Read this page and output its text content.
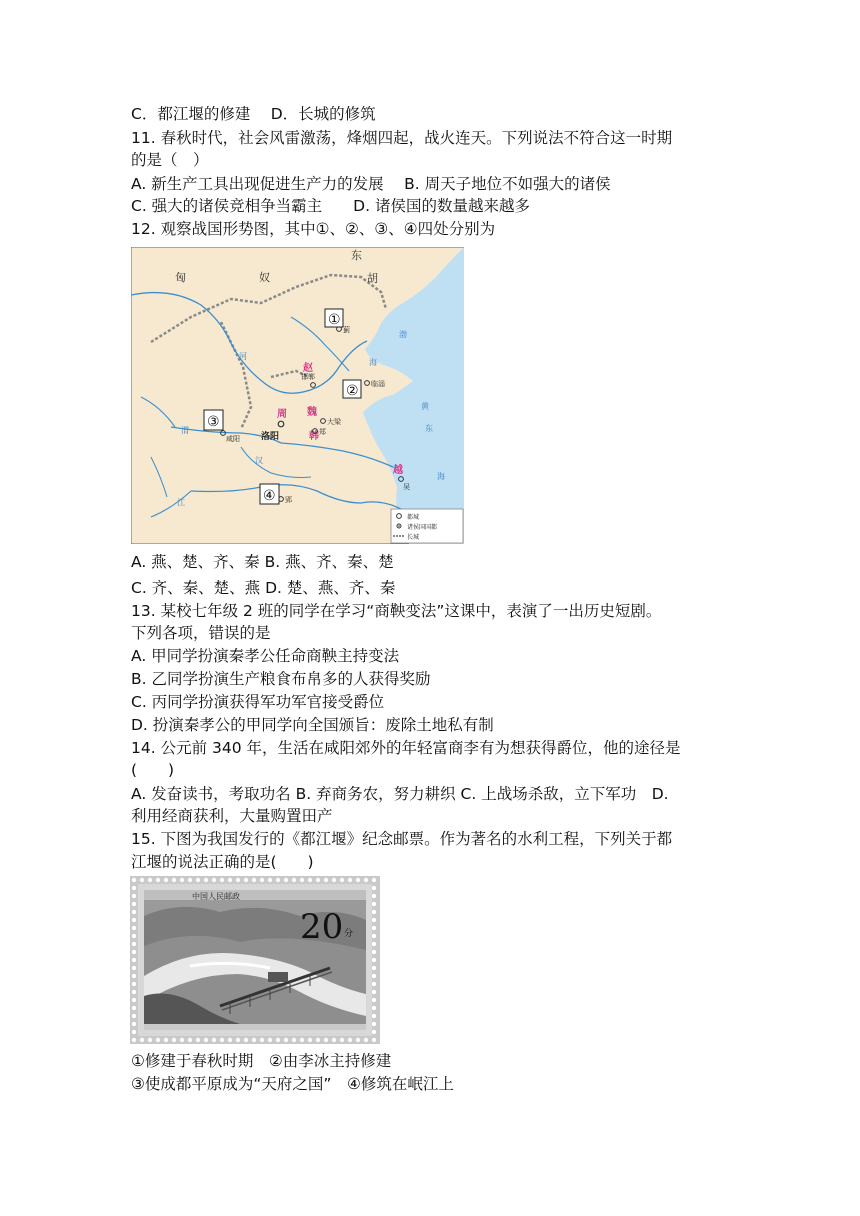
C．都江堰的修建　 D．长城的修筑
11. 春秋时代，社会风雷激荡，烽烟四起，战火连天。下列说法不符合这一时期
的是（　）
A. 新生产工具出现促进生产力的发展　 B. 周天子地位不如强大的诸侯
C. 强大的诸侯竞相争当霸主　　D. 诸侯国的数量越来越多
12. 观察战国形势图，其中①、②、③、④四处分别为
匈	奴
东
胡
渤
海
黄
东
海
河
渭
汉
江
赵
周 魏
韩
越
蓟
邯郸
临淄
洛阳
咸阳
大梁
郑
郢
吴
①
②
③
④
都城
诸侯国国都
长城
A. 燕、楚、齐、秦 B. 燕、齐、秦、楚
C. 齐、秦、楚、燕 D. 楚、燕、齐、秦
13. 某校七年级 2 班的同学在学习“商鞅变法”这课中，表演了一出历史短剧。
下列各项，错误的是
A. 甲同学扮演秦孝公任命商鞅主持变法
B. 乙同学扮演生产粮食布帛多的人获得奖励
C. 丙同学扮演获得军功军官接受爵位
D. 扮演秦孝公的甲同学向全国颁旨：废除土地私有制
14. 公元前 340 年，生活在咸阳郊外的年轻富商李有为想获得爵位，他的途径是
(　　)
A. 发奋读书，考取功名 B. 弃商务农，努力耕织 C. 上战场杀敌，立下军功　D.
利用经商获利，大量购置田产
15. 下图为我国发行的《都江堰》纪念邮票。作为著名的水利工程，下列关于都
江堰的说法正确的是(　　)
中国人民邮政
20 分
①修建于春秋时期　②由李冰主持修建
③使成都平原成为“天府之国”　④修筑在岷江上
